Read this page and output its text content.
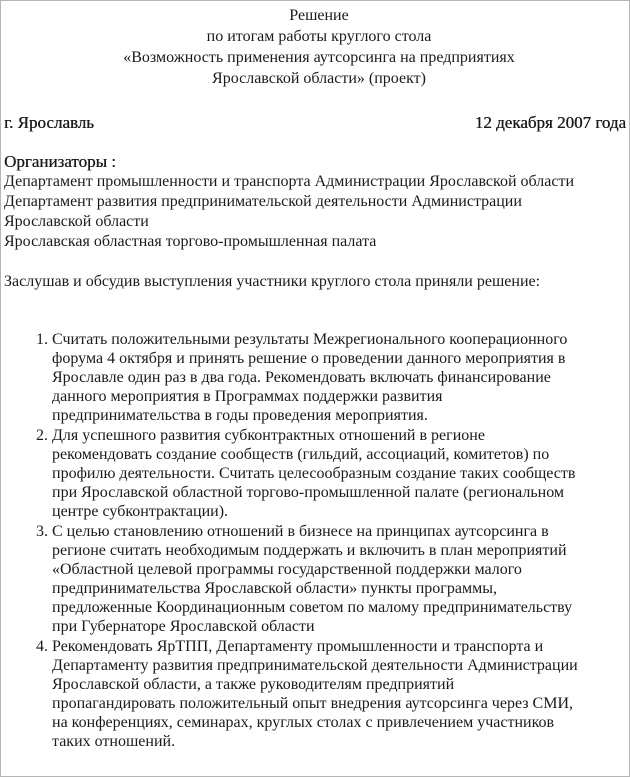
Решение
по итогам работы круглого стола
«Возможность применения аутсорсинга на предприятиях
Ярославской области» (проект)
г. Ярославль	12 декабря 2007 года
Организаторы :
Департамент промышленности и транспорта Администрации Ярославской области
Департамент развития предпринимательской деятельности Администрации
Ярославской области
Ярославская областная торгово-промышленная палата
Заслушав и обсудив выступления участники круглого стола приняли решение:
1. Считать положительными результаты Межрегионального кооперационного
форума 4 октября и принять решение о проведении данного мероприятия в
Ярославле один раз в два года. Рекомендовать включать финансирование
данного мероприятия в Программах поддержки развития
предпринимательства в годы проведения мероприятия.
2. Для успешного развития субконтрактных отношений в регионе
рекомендовать создание сообществ (гильдий, ассоциаций, комитетов) по
профилю деятельности. Считать целесообразным создание таких сообществ
при Ярославской областной торгово-промышленной палате (региональном
центре субконтрактации).
3. С целью становлению отношений в бизнесе на принципах аутсорсинга в
регионе считать необходимым поддержать и включить в план мероприятий
«Областной целевой программы государственной поддержки малого
предпринимательства Ярославской области» пункты программы,
предложенные Координационным советом по малому предпринимательству
при Губернаторе Ярославской области
4. Рекомендовать ЯрТПП, Департаменту промышленности и транспорта и
Департаменту развития предпринимательской деятельности Администрации
Ярославской области, а также руководителям предприятий
пропагандировать положительный опыт внедрения аутсорсинга через СМИ,
на конференциях, семинарах, круглых столах с привлечением участников
таких отношений.
